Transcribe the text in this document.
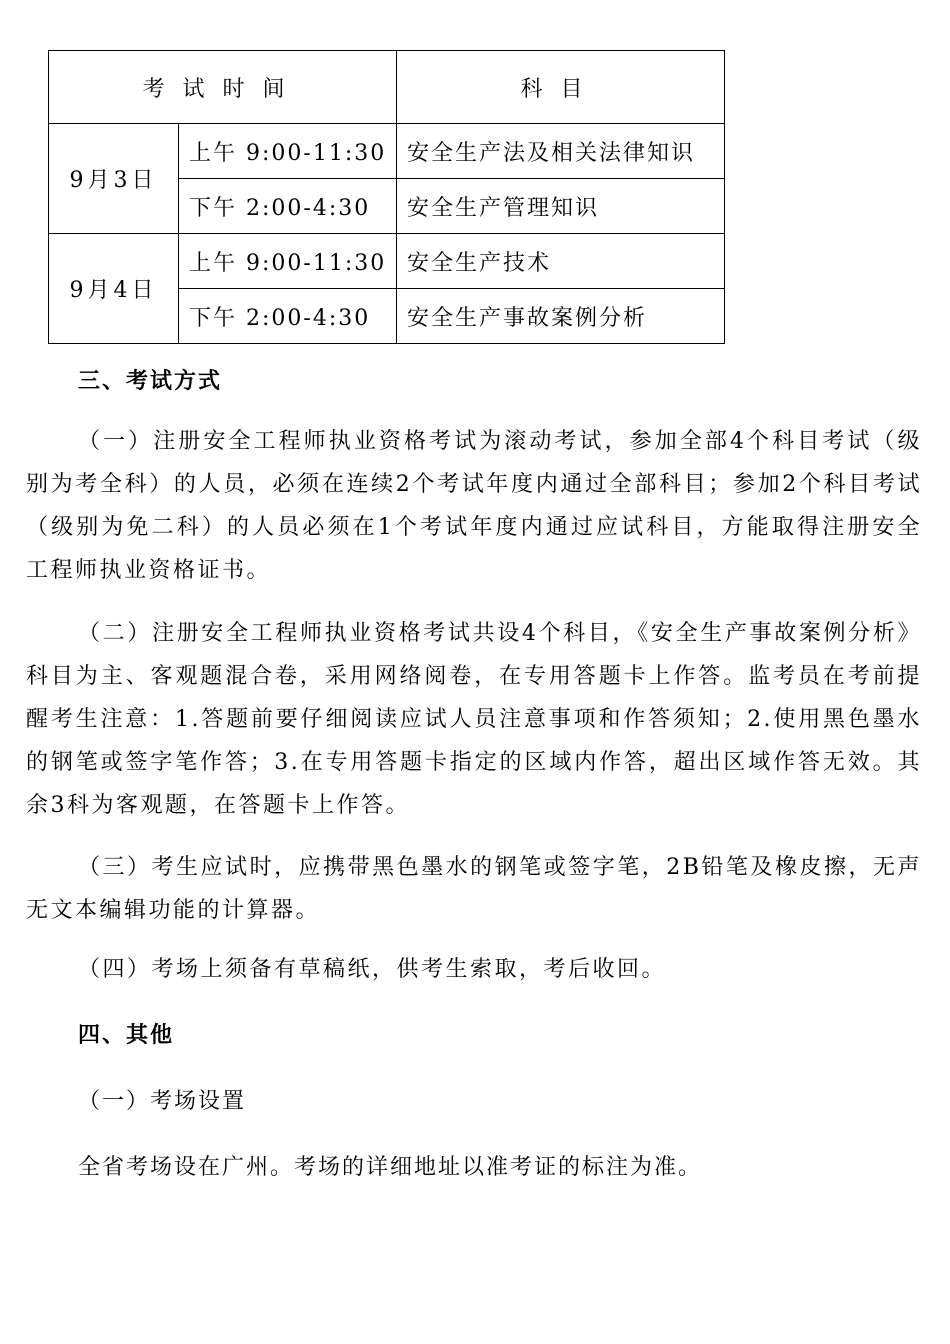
考试时间		科目
9月3日	上午 9:00-11:30	安全生产法及相关法律知识
	下午 2:00-4:30	安全生产管理知识
9月4日	上午 9:00-11:30	安全生产技术
	下午 2:00-4:30	安全生产事故案例分析
三、考试方式

（一）注册安全工程师执业资格考试为滚动考试，参加全部4个科目考试（级别为考全科）的人员，必须在连续2个考试年度内通过全部科目；参加2个科目考试（级别为免二科）的人员必须在1个考试年度内通过应试科目，方能取得注册安全工程师执业资格证书。

（二）注册安全工程师执业资格考试共设4个科目，《安全生产事故案例分析》科目为主、客观题混合卷，采用网络阅卷，在专用答题卡上作答。监考员在考前提醒考生注意：1.答题前要仔细阅读应试人员注意事项和作答须知；2.使用黑色墨水的钢笔或签字笔作答；3.在专用答题卡指定的区域内作答，超出区域作答无效。其余3科为客观题，在答题卡上作答。

（三）考生应试时，应携带黑色墨水的钢笔或签字笔，2B铅笔及橡皮擦，无声无文本编辑功能的计算器。

（四）考场上须备有草稿纸，供考生索取，考后收回。

四、其他

（一）考场设置

全省考场设在广州。考场的详细地址以准考证的标注为准。
